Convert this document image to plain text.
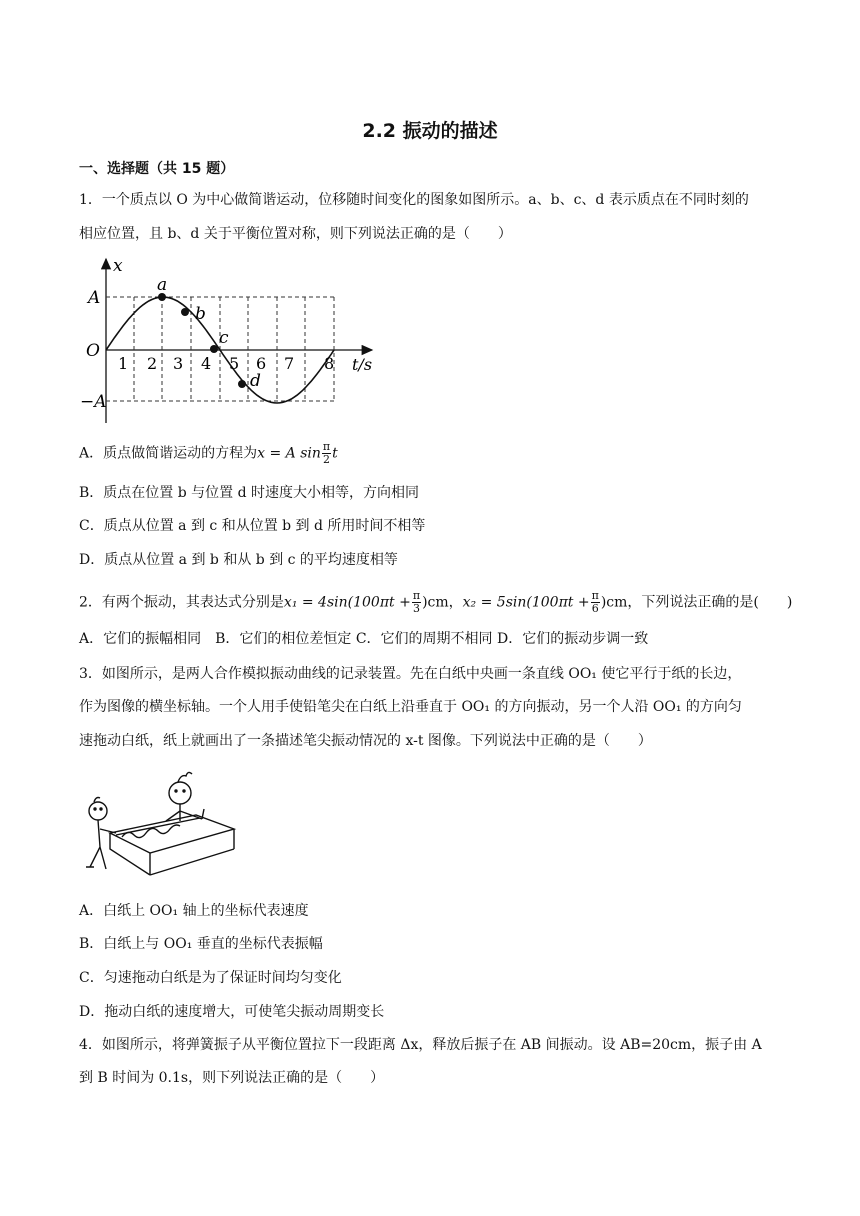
2.2 振动的描述
一、选择题（共 15 题）
1．一个质点以 O 为中心做简谐运动，位移随时间变化的图象如图所示。a、b、c、d 表示质点在不同时刻的
相应位置，且 b、d 关于平衡位置对称，则下列说法正确的是（　　）
x
t/s
O
A
−A
a
b
c
d
1 2 3 4 5 6 7 8
A．质点做简谐运动的方程为x = A $\sin \frac{\pi}{2}$ t
B．质点在位置 b 与位置 d 时速度大小相等，方向相同
C．质点从位置 a 到 c 和从位置 b 到 d 所用时间不相等
D．质点从位置 a 到 b 和从 b 到 c 的平均速度相等
2．有两个振动，其表达式分别是$x_1 = 4\sin(100\pi t + \frac{\pi}{3} )cm$，$x_2 = 5\sin(100\pi t + \frac{\pi}{6} )cm$，下列说法正确的是(　　)
A．它们的振幅相同　B．它们的相位差恒定 C．它们的周期不相同 D．它们的振动步调一致
3．如图所示，是两人合作模拟振动曲线的记录装置。先在白纸中央画一条直线 OO₁ 使它平行于纸的长边，
作为图像的横坐标轴。一个人用手使铅笔尖在白纸上沿垂直于 OO₁ 的方向振动，另一个人沿 OO₁ 的方向匀
速拖动白纸，纸上就画出了一条描述笔尖振动情况的 x-t 图像。下列说法中正确的是（　　）
A．白纸上 OO₁ 轴上的坐标代表速度
B．白纸上与 OO₁ 垂直的坐标代表振幅
C．匀速拖动白纸是为了保证时间均匀变化
D．拖动白纸的速度增大，可使笔尖振动周期变长
4．如图所示，将弹簧振子从平衡位置拉下一段距离 Δx，释放后振子在 AB 间振动。设 AB=20cm，振子由 A
到 B 时间为 0.1s，则下列说法正确的是（　　）
